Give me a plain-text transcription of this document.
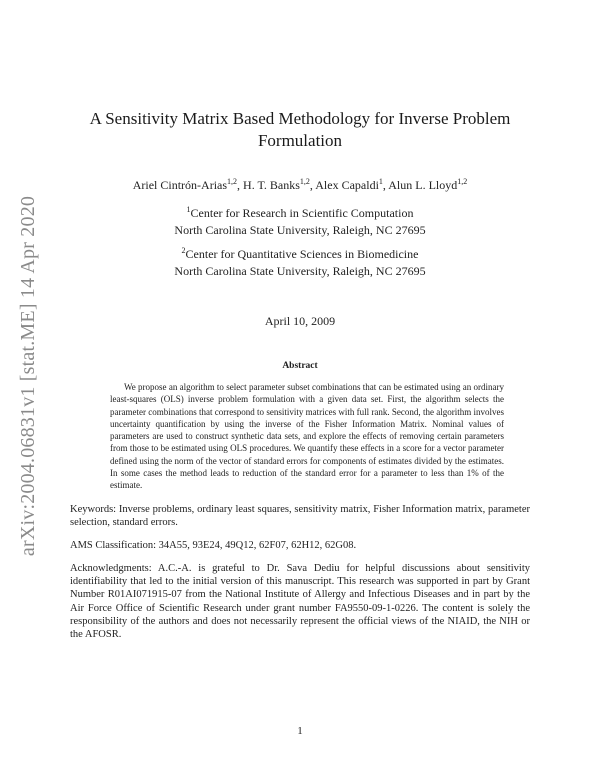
arXiv:2004.06831v1 [stat.ME] 14 Apr 2020
A Sensitivity Matrix Based Methodology for Inverse Problem
Formulation
Ariel Cintrón-Arias$^{1,2}$, H. T. Banks$^{1,2}$, Alex Capaldi$^1$, Alun L. Lloyd$^{1,2}$
$^1$Center for Research in Scientific Computation
North Carolina State University, Raleigh, NC 27695
$^2$Center for Quantitative Sciences in Biomedicine
North Carolina State University, Raleigh, NC 27695
April 10, 2009
Abstract
We propose an algorithm to select parameter subset combinations that can be estimated using an ordinary least-squares (OLS) inverse problem formulation with a given data set. First, the algorithm selects the parameter combinations that correspond to sensitivity matrices with full rank. Second, the algorithm involves uncertainty quantification by using the inverse of the Fisher Information Matrix. Nominal values of parameters are used to construct synthetic data sets, and explore the effects of removing certain parameters from those to be estimated using OLS procedures. We quantify these effects in a score for a vector parameter defined using the norm of the vector of standard errors for components of estimates divided by the estimates. In some cases the method leads to reduction of the standard error for a parameter to less than 1% of the estimate.
Keywords: Inverse problems, ordinary least squares, sensitivity matrix, Fisher Information matrix, parameter selection, standard errors.
AMS Classification: 34A55, 93E24, 49Q12, 62F07, 62H12, 62G08.
Acknowledgments: A.C.-A. is grateful to Dr. Sava Dediu for helpful discussions about sensitivity identifiability that led to the initial version of this manuscript. This research was supported in part by Grant Number R01AI071915-07 from the National Institute of Allergy and Infectious Diseases and in part by the Air Force Office of Scientific Research under grant number FA9550-09-1-0226. The content is solely the responsibility of the authors and does not necessarily represent the official views of the NIAID, the NIH or the AFOSR.
1
